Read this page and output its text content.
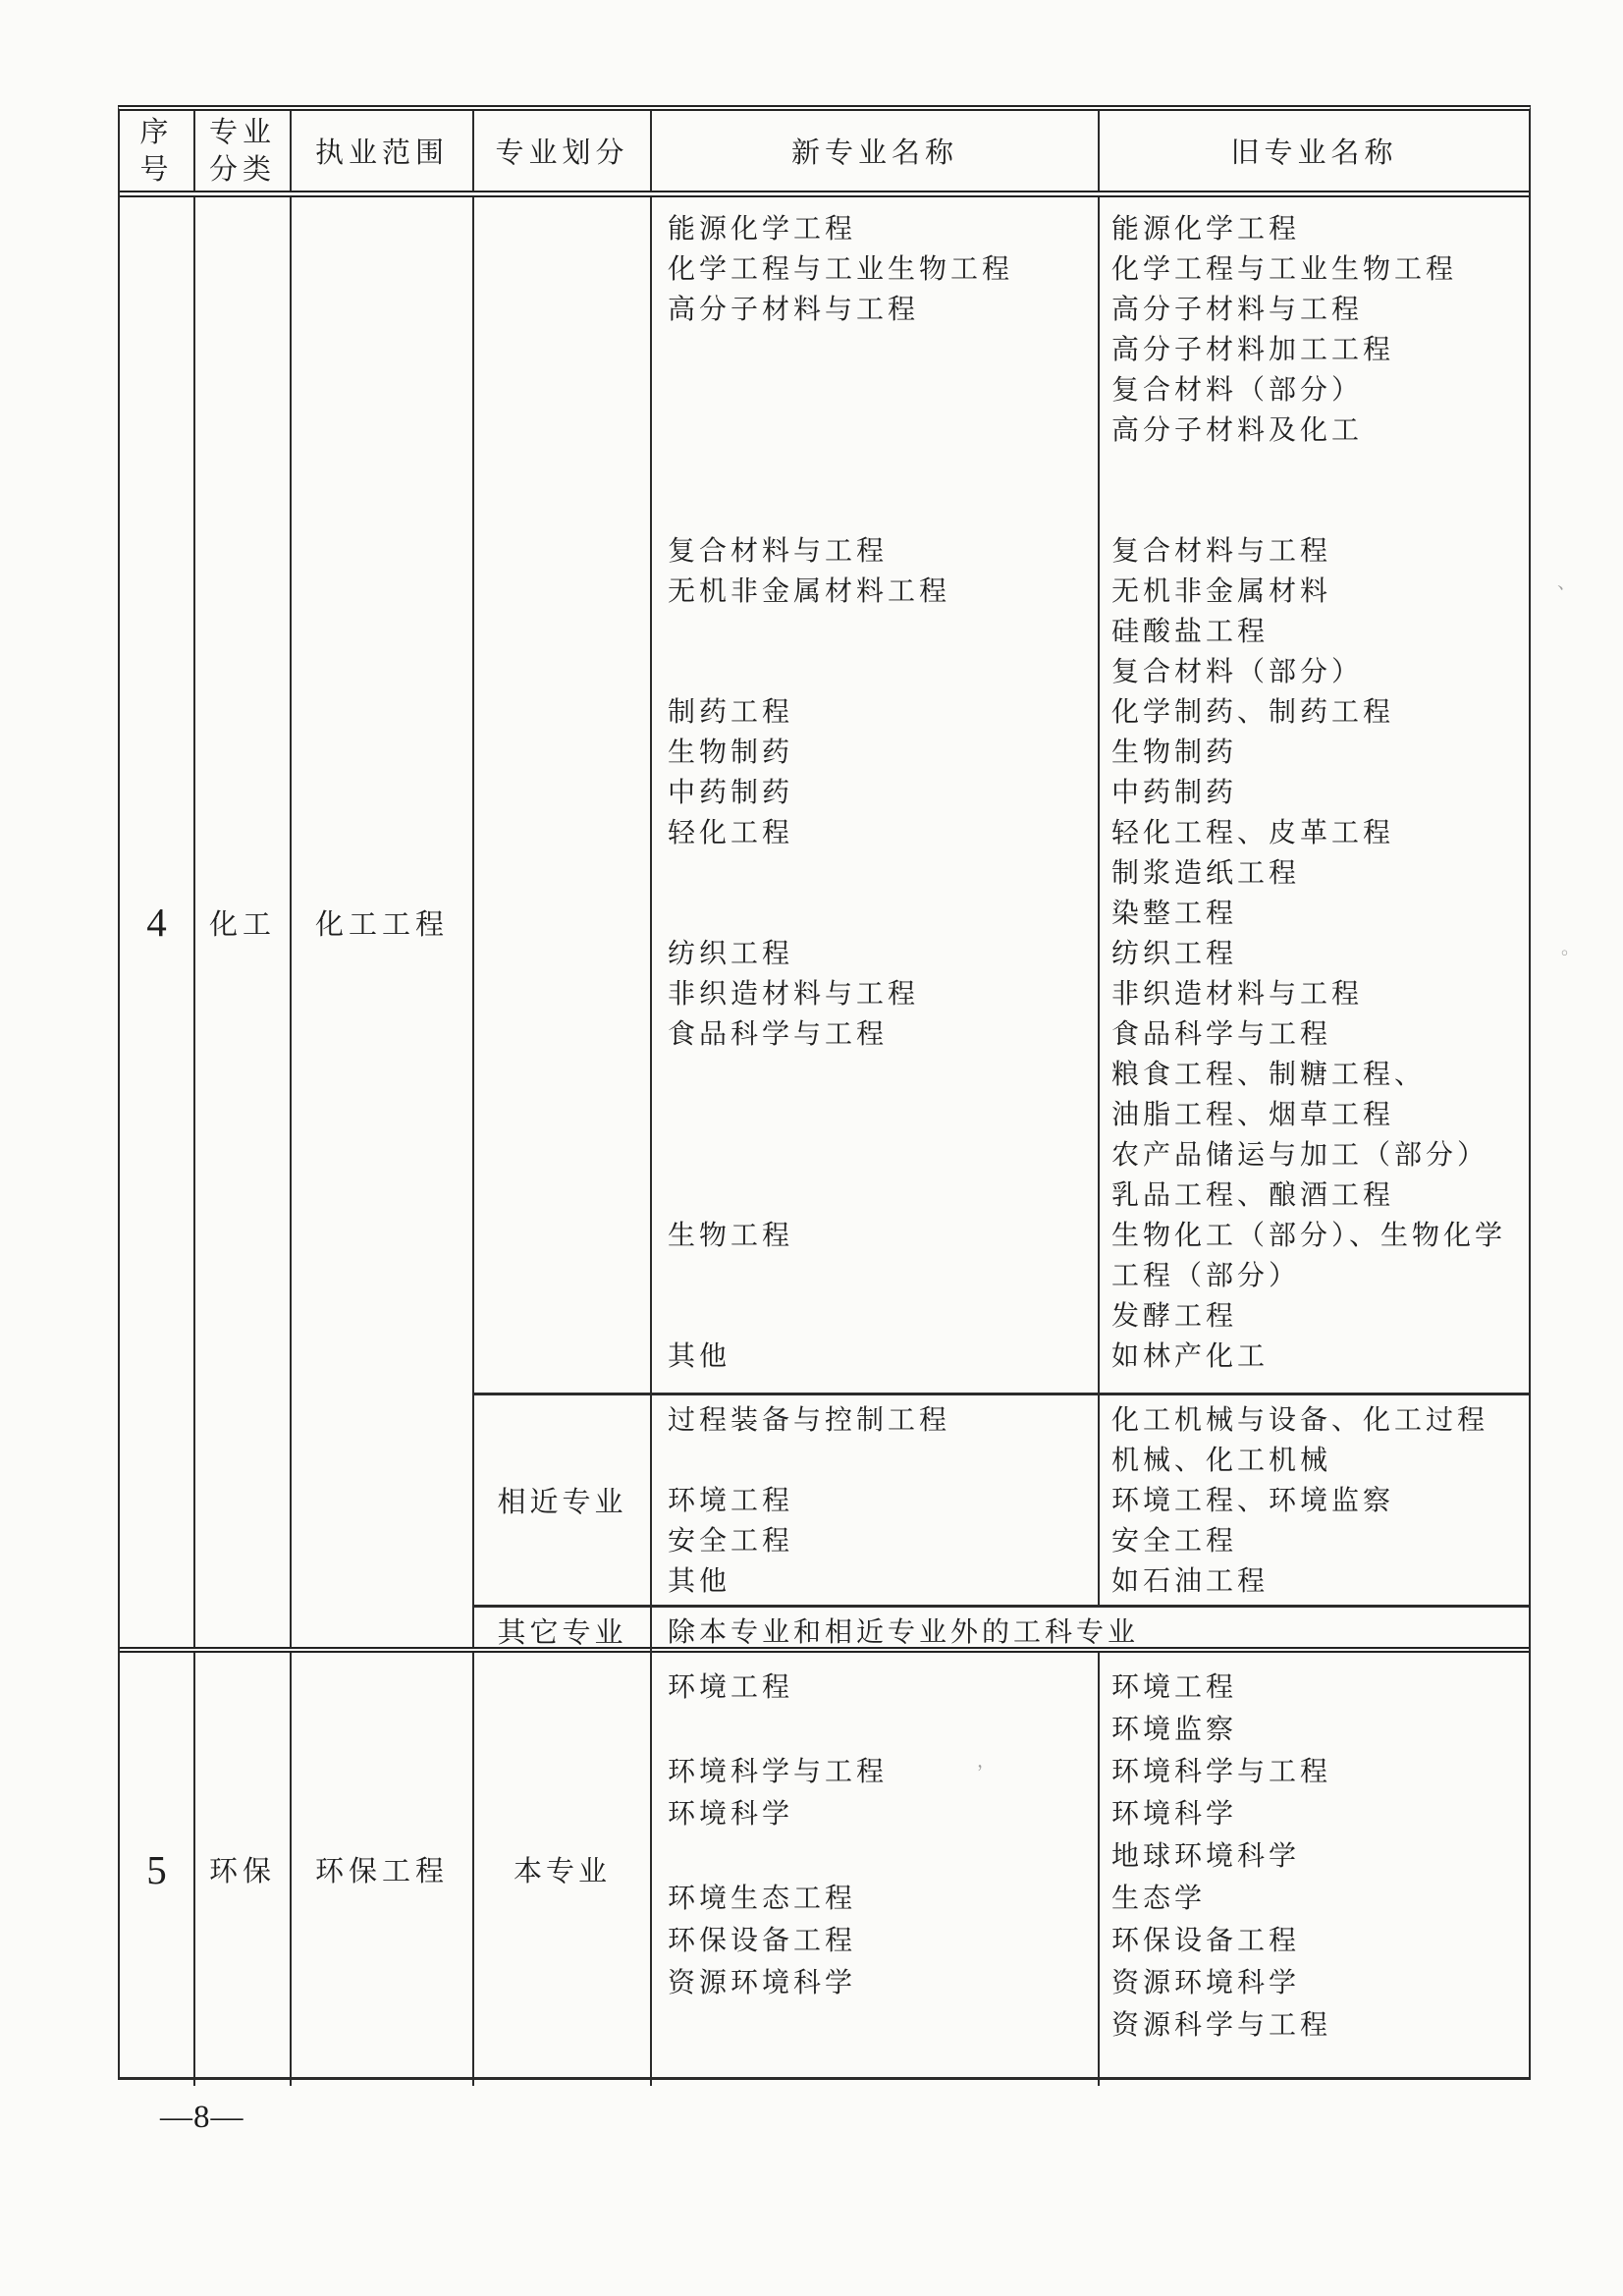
序号
专业分类
执业范围 专业划分	新专业名称	旧专业名称
4 化工 化工工程
能源化学工程
化学工程与工业生物工程
高分子材料与工程
复合材料与工程
无机非金属材料工程
制药工程
生物制药
中药制药
轻化工程
纺织工程
非织造材料与工程
食品科学与工程
生物工程
其他
能源化学工程
化学工程与工业生物工程
高分子材料与工程
高分子材料加工工程
复合材料（部分）
高分子材料及化工
复合材料与工程
无机非金属材料
硅酸盐工程
复合材料（部分）
化学制药、制药工程
生物制药
中药制药
轻化工程、皮革工程
制浆造纸工程
染整工程
纺织工程
非织造材料与工程
食品科学与工程
粮食工程、制糖工程、
油脂工程、烟草工程
农产品储运与加工（部分）
乳品工程、酿酒工程
生物化工（部分）、生物化学
工程（部分）
发酵工程
如林产化工
相近专业
过程装备与控制工程
环境工程
安全工程
其他
化工机械与设备、化工过程
机械、化工机械
环境工程、环境监察
安全工程
如石油工程
其它专业 除本专业和相近专业外的工科专业
5 环保 环保工程 本专业
环境工程
环境科学与工程
环境科学
环境生态工程
环保设备工程
资源环境科学
环境工程
环境监察
环境科学与工程
环境科学
地球环境科学
生态学
环保设备工程
资源环境科学
资源科学与工程
—8—
，
、
。
